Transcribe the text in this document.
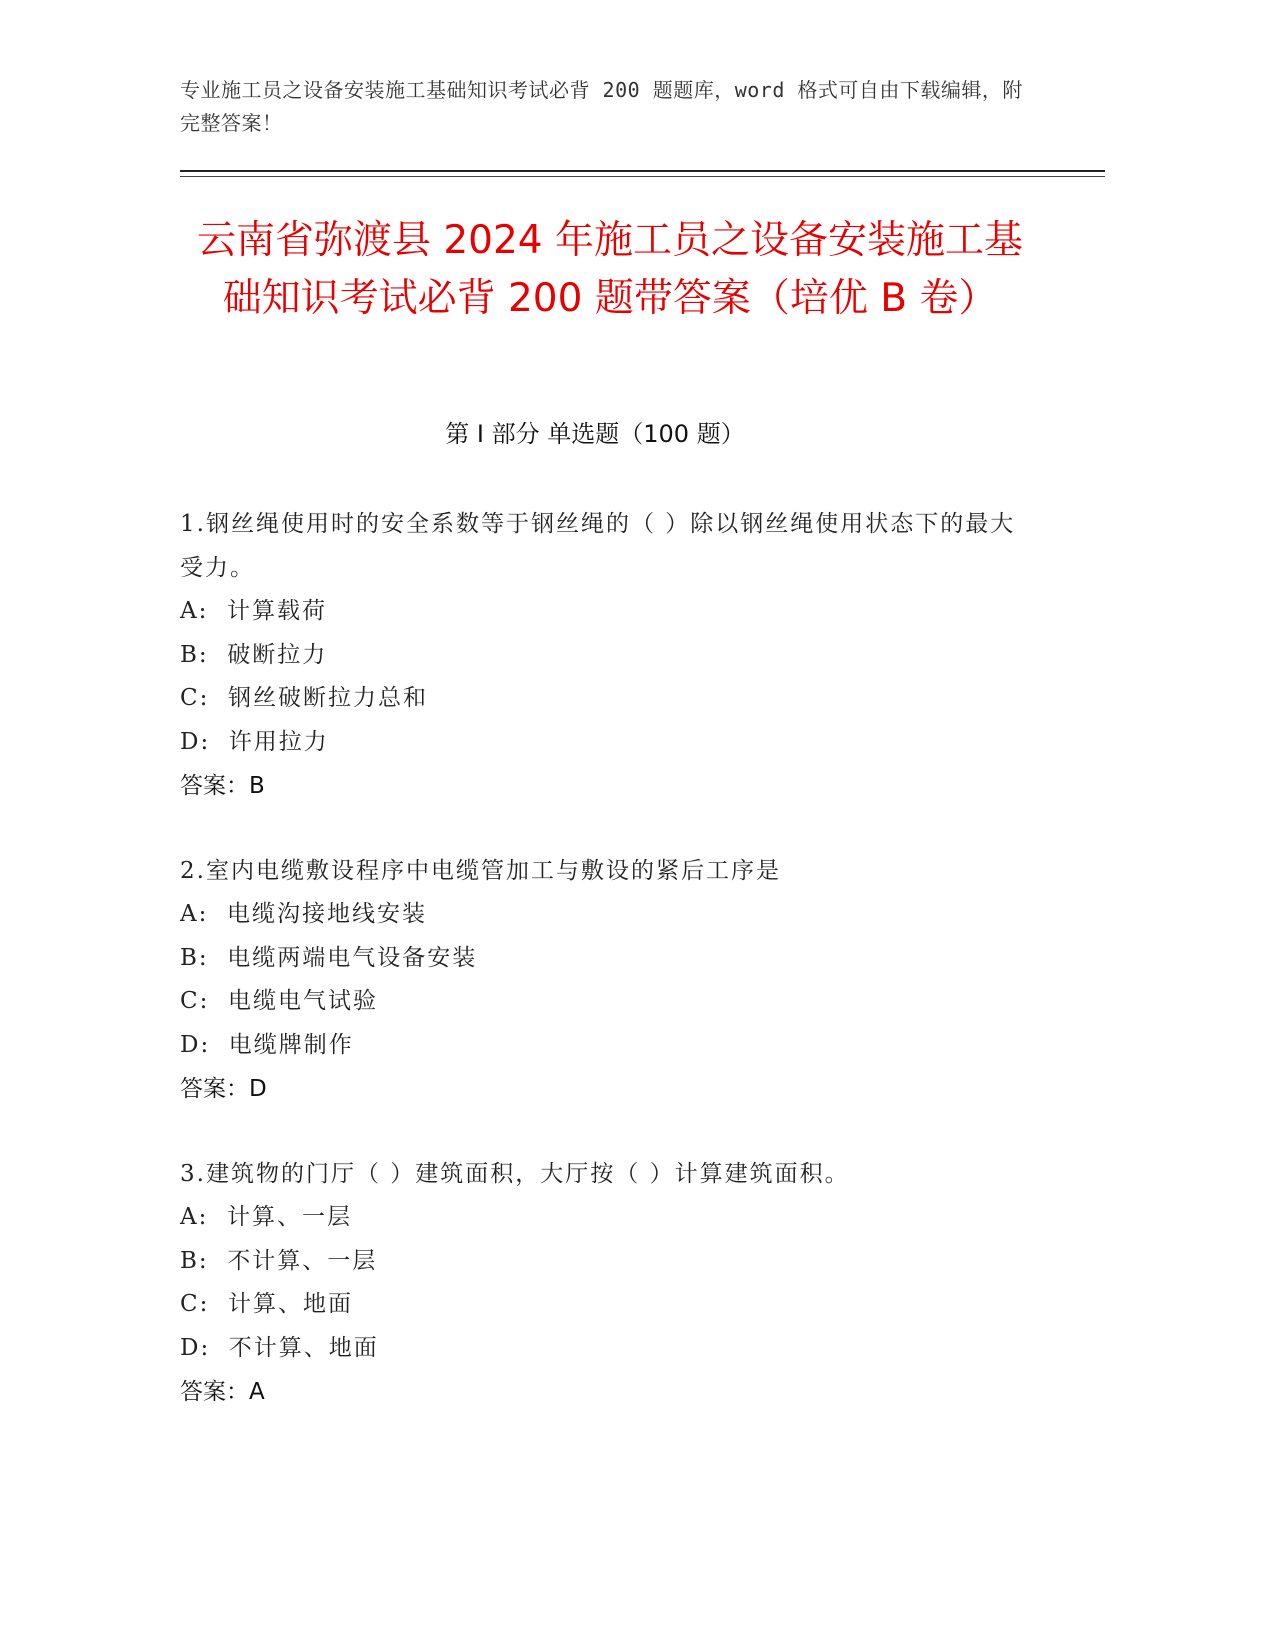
专业施工员之设备安装施工基础知识考试必背 200 题题库，word 格式可自由下载编辑，附完整答案！
云南省弥渡县 2024 年施工员之设备安装施工基础知识考试必背 200 题带答案（培优 B 卷）
第 I 部分 单选题（100 题）
1.钢丝绳使用时的安全系数等于钢丝绳的（ ）除以钢丝绳使用状态下的最大受力。
A:  计算载荷
B:  破断拉力
C:  钢丝破断拉力总和
D:  许用拉力
答案：B
2.室内电缆敷设程序中电缆管加工与敷设的紧后工序是
A:  电缆沟接地线安装
B:  电缆两端电气设备安装
C:  电缆电气试验
D:  电缆牌制作
答案：D
3.建筑物的门厅（ ）建筑面积，大厅按（ ）计算建筑面积。
A:  计算、一层
B:  不计算、一层
C:  计算、地面
D:  不计算、地面
答案：A
